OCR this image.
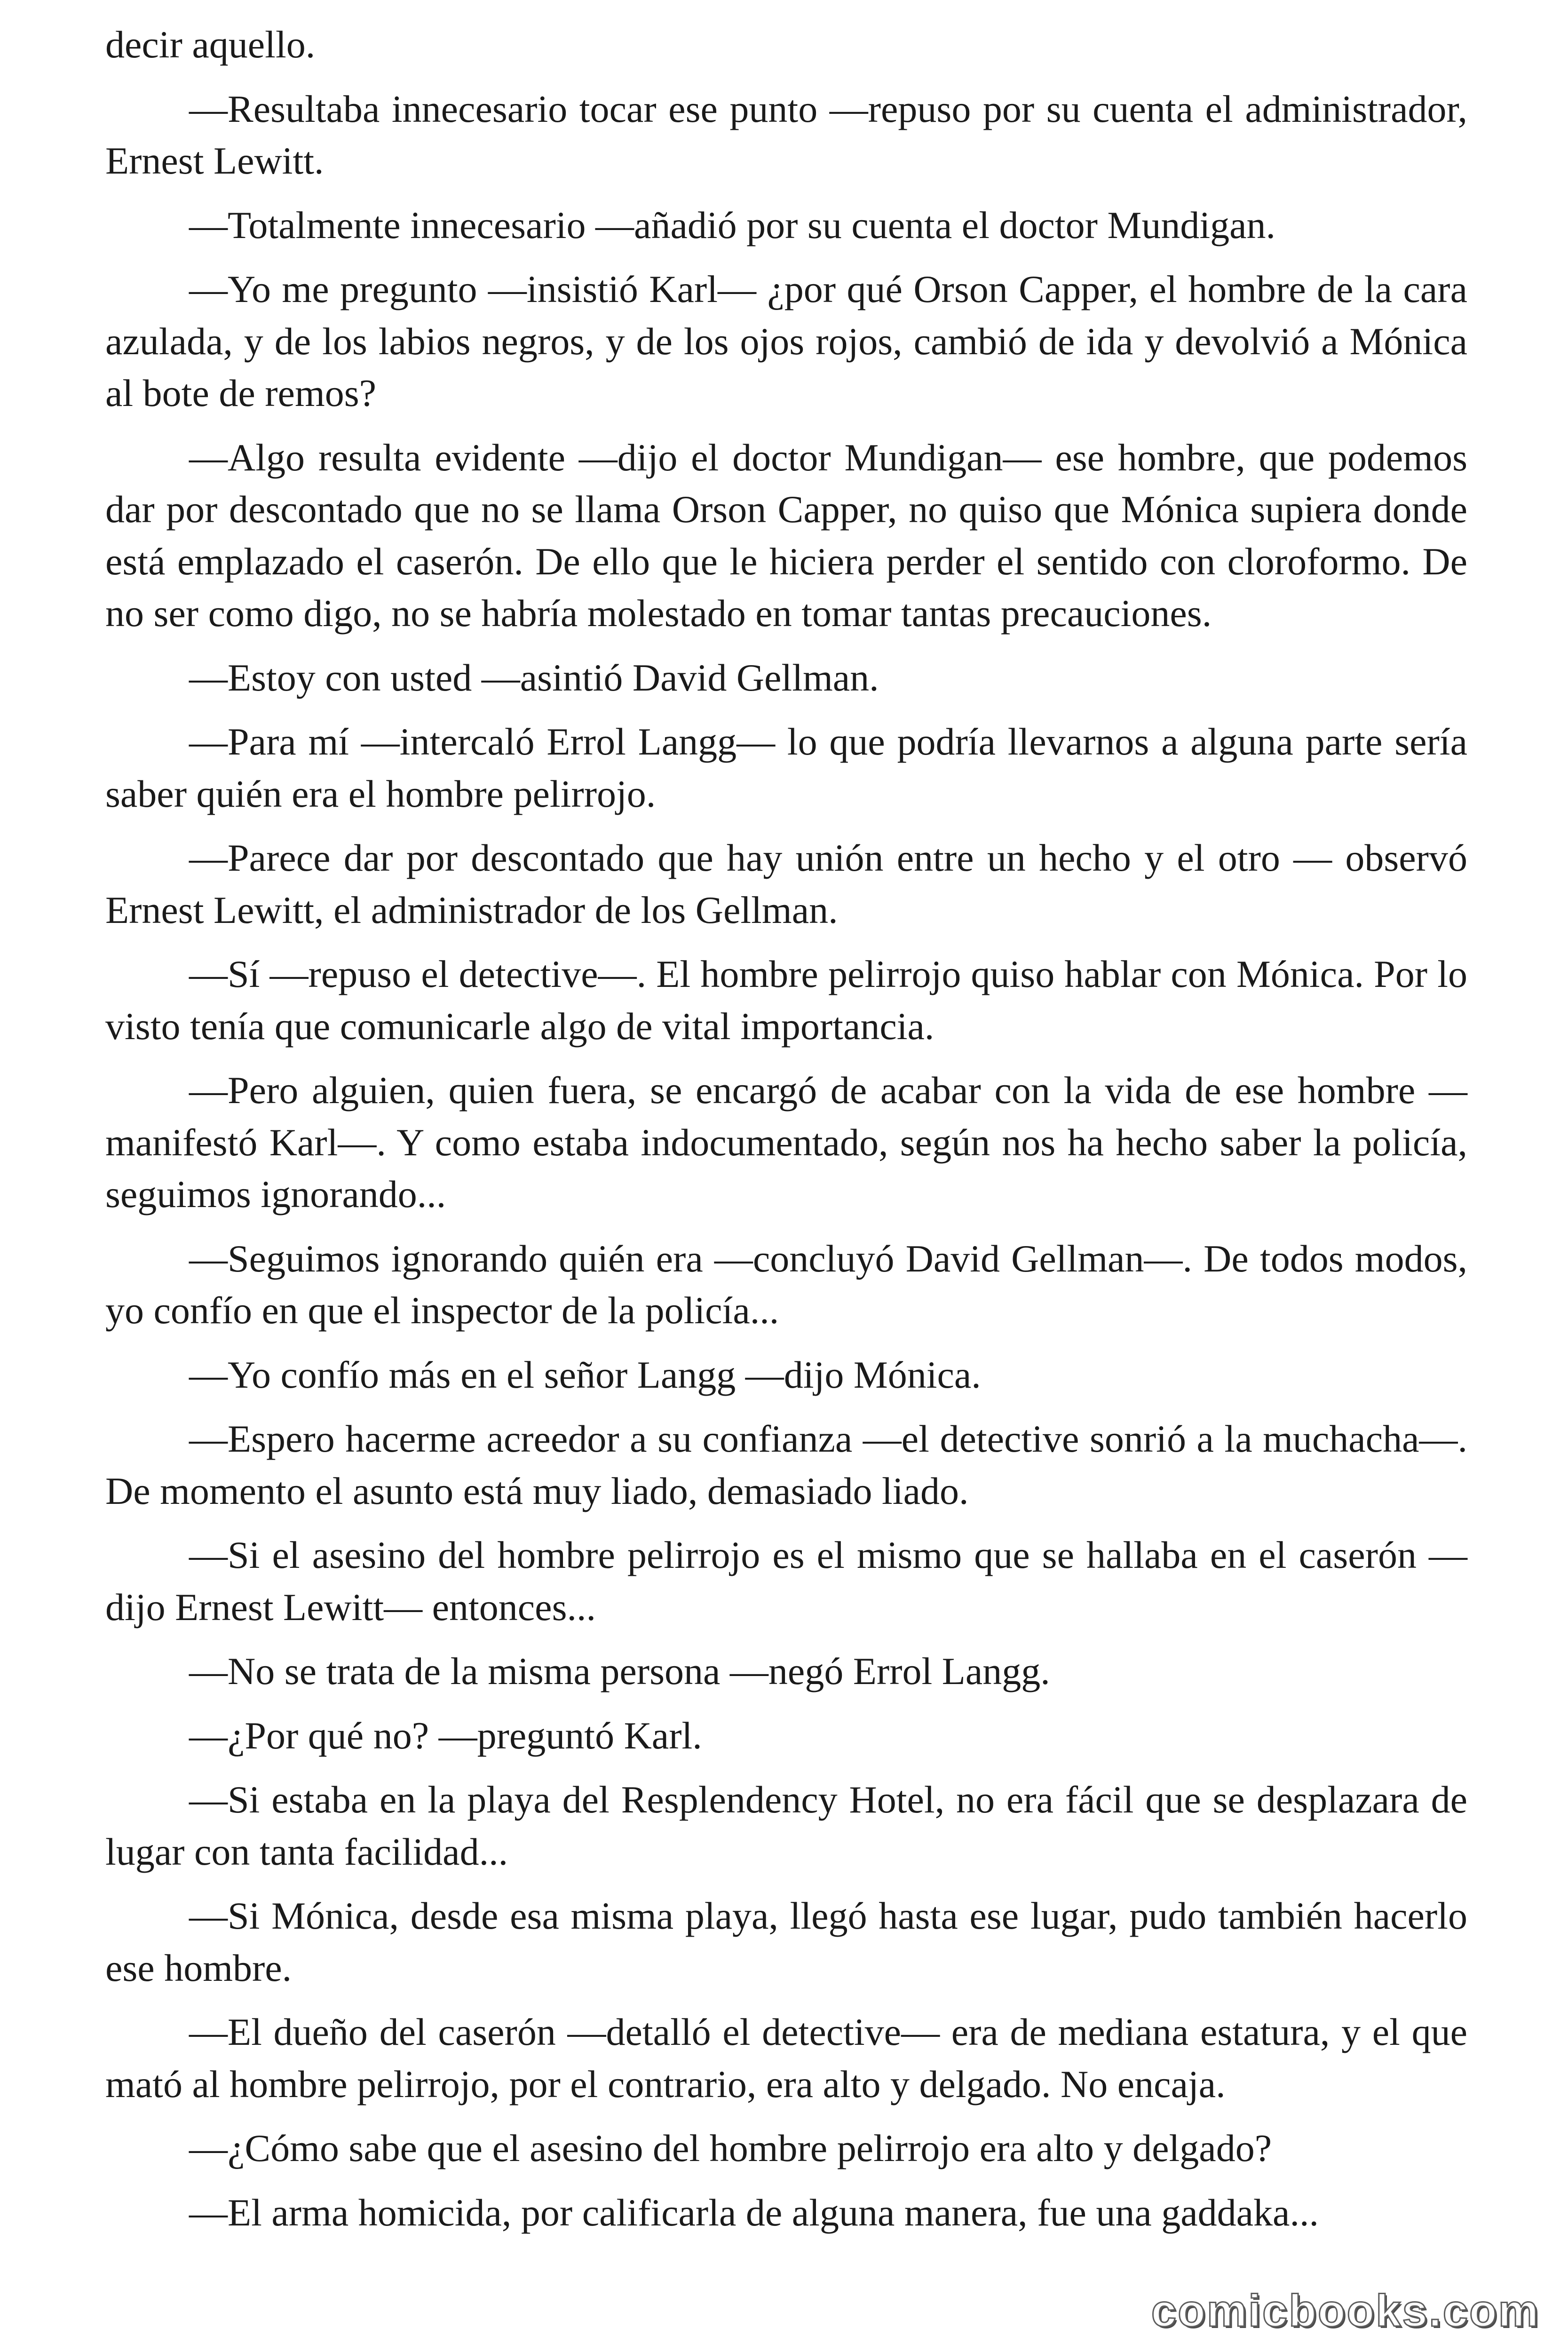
decir aquello.

—Resultaba innecesario tocar ese punto —repuso por su cuenta el administrador, Ernest Lewitt.

—Totalmente innecesario —añadió por su cuenta el doctor Mundigan.

—Yo me pregunto —insistió Karl— ¿por qué Orson Capper, el hombre de la cara azulada, y de los labios negros, y de los ojos rojos, cambió de ida y devolvió a Mónica al bote de remos?

—Algo resulta evidente —dijo el doctor Mundigan— ese hombre, que podemos dar por descontado que no se llama Orson Capper, no quiso que Mónica supiera donde está emplazado el caserón. De ello que le hiciera perder el sentido con cloroformo. De no ser como digo, no se habría molestado en tomar tantas precauciones.

—Estoy con usted —asintió David Gellman.

—Para mí —intercaló Errol Langg— lo que podría llevarnos a alguna parte sería saber quién era el hombre pelirrojo.

—Parece dar por descontado que hay unión entre un hecho y el otro — observó Ernest Lewitt, el administrador de los Gellman.

—Sí —repuso el detective—. El hombre pelirrojo quiso hablar con Mónica. Por lo visto tenía que comunicarle algo de vital importancia.

—Pero alguien, quien fuera, se encargó de acabar con la vida de ese hombre — manifestó Karl—. Y como estaba indocumentado, según nos ha hecho saber la policía, seguimos ignorando...

—Seguimos ignorando quién era —concluyó David Gellman—. De todos modos, yo confío en que el inspector de la policía...

—Yo confío más en el señor Langg —dijo Mónica.

—Espero hacerme acreedor a su confianza —el detective sonrió a la muchacha—. De momento el asunto está muy liado, demasiado liado.

—Si el asesino del hombre pelirrojo es el mismo que se hallaba en el caserón —dijo Ernest Lewitt— entonces...

—No se trata de la misma persona —negó Errol Langg.

—¿Por qué no? —preguntó Karl.

—Si estaba en la playa del Resplendency Hotel, no era fácil que se desplazara de lugar con tanta facilidad...

—Si Mónica, desde esa misma playa, llegó hasta ese lugar, pudo también hacerlo ese hombre.

—El dueño del caserón —detalló el detective— era de mediana estatura, y el que mató al hombre pelirrojo, por el contrario, era alto y delgado. No encaja.

—¿Cómo sabe que el asesino del hombre pelirrojo era alto y delgado?

—El arma homicida, por calificarla de alguna manera, fue una gaddaka...

comicbooks.com
